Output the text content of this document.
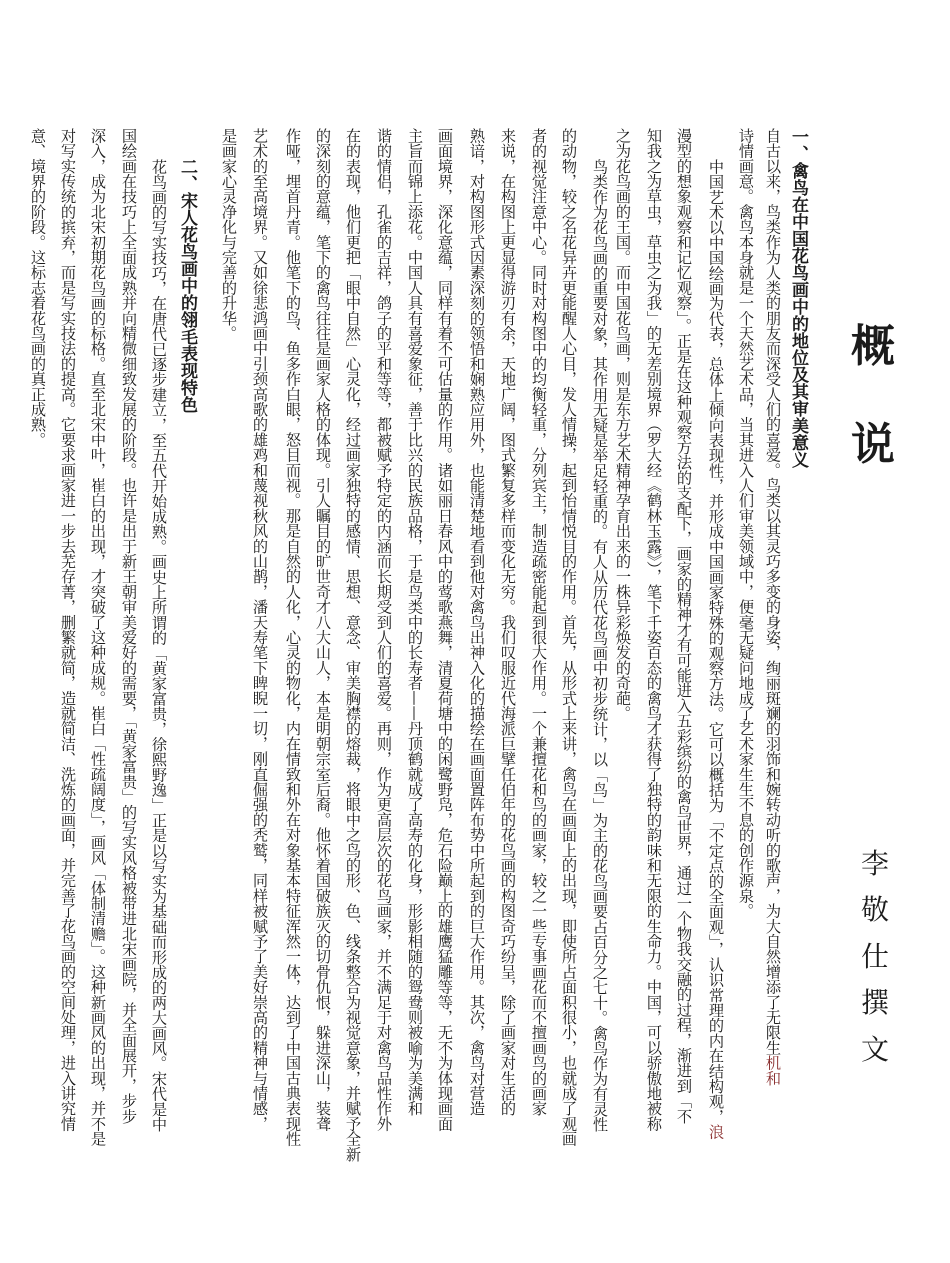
概
说
李
敬
仕
撰
文
一、禽鸟在中国花鸟画中的地位及其审美意义
自古以来，鸟类作为人类的朋友而深受人们的喜爱。鸟类以其灵巧多变的身姿，绚丽斑斓的羽饰和婉转动听的歌声，为大自然增添了无限生机和
诗情画意。禽鸟本身就是一个天然艺术品，当其进入人们审美领域中，便毫无疑问地成了艺术家生生不息的创作源泉。
中国艺术以中国绘画为代表，总体上倾向表现性，并形成中国画家特殊的观察方法。它可以概括为「不定点的全面观」，认识常理的内在结构观，浪
漫型的想象观察和记忆观察」。正是在这种观察方法的支配下，画家的精神才有可能进入五彩缤纷的禽鸟世界，通过一个物我交融的过程，渐进到「不
知我之为草虫，草虫之为我」的无差别境界（罗大经《鹤林玉露》），笔下千姿百态的禽鸟才获得了独特的韵味和无限的生命力。中国，可以骄傲地被称
之为花鸟画的王国。而中国花鸟画，则是东方艺术精神孕育出来的一株异彩焕发的奇葩。
鸟类作为花鸟画的重要对象，其作用无疑是举足轻重的。有人从历代花鸟画中初步统计，以「鸟」为主的花鸟画要占百分之七十。禽鸟作为有灵性
的动物，较之名花异卉更能醒人心目，发人情操，起到怡情悦目的作用。首先，从形式上来讲，禽鸟在画面上的出现，即使所占面积很小，也就成了观画
者的视觉注意中心。同时对构图中的均衡轻重，分列宾主，制造疏密能起到很大作用。一个兼擅花和鸟的画家，较之一些专事画花而不擅画鸟的画家
来说，在构图上更显得游刃有余，天地广阔，图式繁复多样而变化无穷。我们叹服近代海派巨擘任伯年的花鸟画的构图奇巧纷呈，除了画家对生活的
熟谙，对构图形式因素深刻的领悟和娴熟应用外，也能清楚地看到他对禽鸟出神入化的描绘在画面置阵布势中所起到的巨大作用。其次，禽鸟对营造
画面境界，深化意蕴，同样有着不可估量的作用。诸如丽日春风中的莺歌燕舞，清夏荷塘中的闲鹭野凫，危石险巅上的雄鹰猛雕等等，无不为体现画面
主旨而锦上添花。中国人具有喜爱象征，善于比兴的民族品格，于是鸟类中的长寿者——丹顶鹤就成了高寿的化身，形影相随的鸳鸯则被喻为美满和
谐的情侣，孔雀的吉祥，鸽子的平和等等，都被赋予特定的内涵而长期受到人们的喜爱。再则，作为更高层次的花鸟画家，并不满足于对禽鸟品性作外
在的表现，他们更把「眼中自然」心灵化，经过画家独特的感情、思想、意念、审美胸襟的熔裁，将眼中之鸟的形、色、线条整合为视觉意象，并赋予全新
的深刻的意蕴，笔下的禽鸟往往是画家人格的体现。引人瞩目的旷世奇才八大山人，本是明朝宗室后裔。他怀着国破族灭的切骨仇恨，躲进深山，装聋
作哑，埋首丹青。他笔下的鸟、鱼多作白眼，怒目而视。那是自然的人化，心灵的物化，内在情致和外在对象基本特征浑然一体，达到了中国古典表现性
艺术的至高境界。又如徐悲鸿画中引颈高歌的雄鸡和蔑视秋风的山鹊，潘天寿笔下睥睨一切，刚直倔强的秃鹫，同样被赋予了美好崇高的精神与情感，
是画家心灵净化与完善的升华。
二、宋人花鸟画中的翎毛表现特色
花鸟画的写实技巧，在唐代已逐步建立，至五代开始成熟。画史上所谓的「黄家富贵，徐熙野逸」正是以写实为基础而形成的两大画风。宋代是中
国绘画在技巧上全面成熟并向精微细致发展的阶段。也许是出于新王朝审美爱好的需要，「黄家富贵」的写实风格被带进北宋画院，并全面展开，步步
深入，成为北宋初期花鸟画的标格。直至北宋中叶，崔白的出现，才突破了这种成规。崔白「性疏阔度」，画风「体制清赡」。这种新画风的出现，并不是
对写实传统的摈弃，而是写实技法的提高。它要求画家进一步去芜存菁，删繁就简，造就简洁、洗炼的画面，并完善了花鸟画的空间处理，进入讲究情
意、境界的阶段。这标志着花鸟画的真正成熟。
